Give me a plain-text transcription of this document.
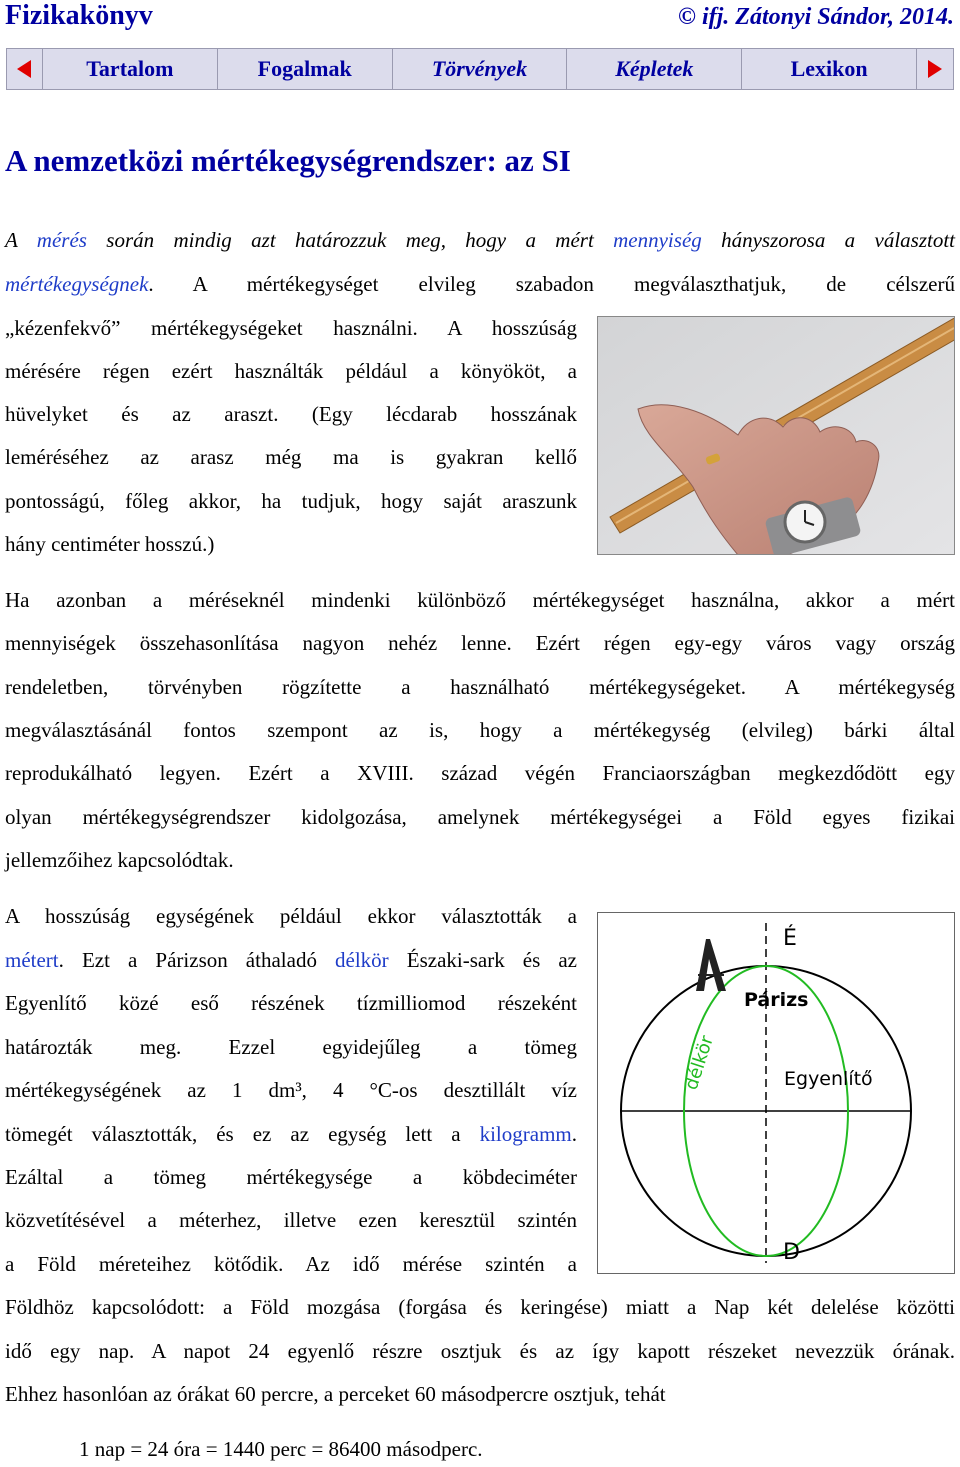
Fizikakönyv	© ifj. Zátonyi Sándor, 2014.
Tartalom	Fogalmak	Törvények	Képletek	Lexikon
A nemzetközi mértékegységrendszer: az SI
A mérés során mindig azt határozzuk meg, hogy a mért mennyiség hányszorosa a választott
mértékegységnek. A mértékegységet elvileg szabadon megválaszthatjuk, de célszerű
„kézenfekvő” mértékegységeket használni. A hosszúság
mérésére régen ezért használták például a könyököt, a
hüvelyket és az araszt. (Egy lécdarab hosszának
leméréséhez az arasz még ma is gyakran kellő
pontosságú, főleg akkor, ha tudjuk, hogy saját araszunk
hány centiméter hosszú.)
Ha azonban a méréseknél mindenki különböző mértékegységet használna, akkor a mért
mennyiségek összehasonlítása nagyon nehéz lenne. Ezért régen egy-egy város vagy ország
rendeletben, törvényben rögzítette a használható mértékegységeket. A mértékegység
megválasztásánál fontos szempont az is, hogy a mértékegység (elvileg) bárki által
reprodukálható legyen. Ezért a XVIII. század végén Franciaországban megkezdődött egy
olyan mértékegységrendszer kidolgozása, amelynek mértékegységei a Föld egyes fizikai
jellemzőihez kapcsolódtak.
A hosszúság egységének például ekkor választották a
métert. Ezt a Párizson áthaladó délkör Északi-sark és az
Egyenlítő közé eső részének tízmilliomod részeként
határozták meg. Ezzel egyidejűleg a tömeg
mértékegységének az 1 dm³, 4 °C-os desztillált víz
tömegét választották, és ez az egység lett a kilogramm.
Ezáltal a tömeg mértékegysége a köbdeciméter
közvetítésével a méterhez, illetve ezen keresztül szintén
a Föld méreteihez kötődik. Az idő mérése szintén a
Földhöz kapcsolódott: a Föld mozgása (forgása és keringése) miatt a Nap két delelése közötti
idő egy nap. A napot 24 egyenlő részre osztjuk és az így kapott részeket nevezzük órának.
Ehhez hasonlóan az órákat 60 percre, a perceket 60 másodpercre osztjuk, tehát
1 nap = 24 óra = 1440 perc = 86400 másodperc.
É
D
Párizs
Egyenlítő
délkör
